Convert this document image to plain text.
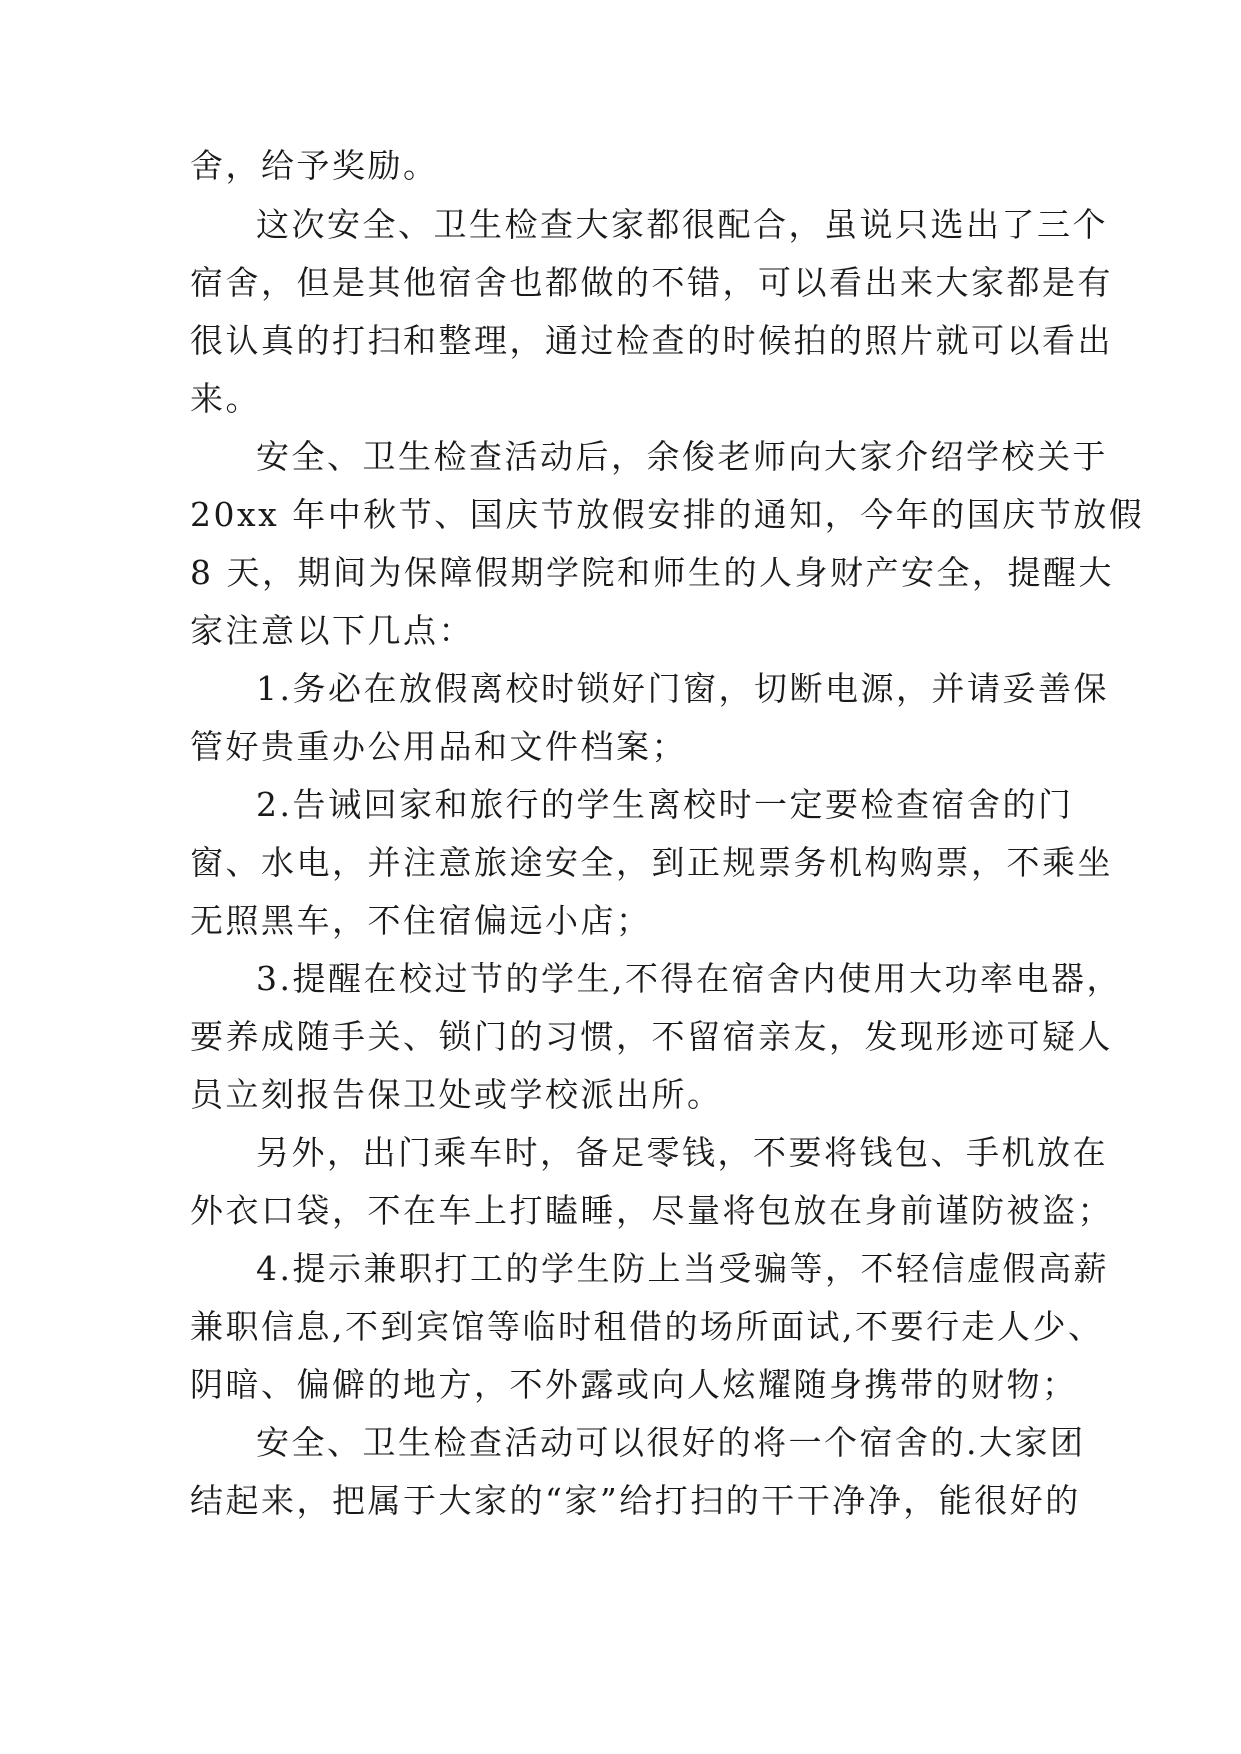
舍，给予奖励。
这次安全、卫生检查大家都很配合，虽说只选出了三个
宿舍，但是其他宿舍也都做的不错，可以看出来大家都是有
很认真的打扫和整理，通过检查的时候拍的照片就可以看出
来。
安全、卫生检查活动后，余俊老师向大家介绍学校关于
20xx 年中秋节、国庆节放假安排的通知，今年的国庆节放假
8 天，期间为保障假期学院和师生的人身财产安全，提醒大
家注意以下几点：
1.务必在放假离校时锁好门窗，切断电源，并请妥善保
管好贵重办公用品和文件档案；
2.告诫回家和旅行的学生离校时一定要检查宿舍的门
窗、水电，并注意旅途安全，到正规票务机构购票，不乘坐
无照黑车，不住宿偏远小店；
3.提醒在校过节的学生,不得在宿舍内使用大功率电器，
要养成随手关、锁门的习惯，不留宿亲友，发现形迹可疑人
员立刻报告保卫处或学校派出所。
另外，出门乘车时，备足零钱，不要将钱包、手机放在
外衣口袋，不在车上打瞌睡，尽量将包放在身前谨防被盗；
4.提示兼职打工的学生防上当受骗等，不轻信虚假高薪
兼职信息,不到宾馆等临时租借的场所面试,不要行走人少、
阴暗、偏僻的地方，不外露或向人炫耀随身携带的财物；
安全、卫生检查活动可以很好的将一个宿舍的.大家团
结起来，把属于大家的“家”给打扫的干干净净，能很好的
